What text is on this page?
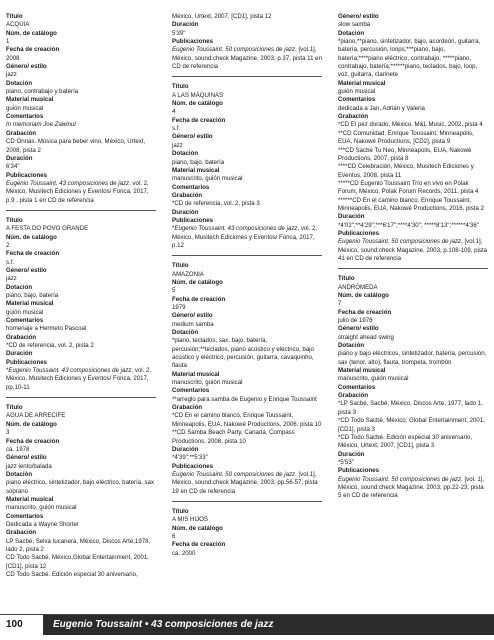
Título

ACQUIA

Núm. de catálogo

1

Fecha de creación

2008

Género/ estilo

jazz

Dotación

piano, contrabajo y batería

Material musical

guión musical

Comentarios

In memoriam Joe Zawinul

Grabación

CD Ónnas. Música para beber vino, México, Urtext, 2008, pista 2

Duración

6'34"

Publicaciones

Eugenio Toussaint. 43 composiciones de jazz, vol. 2, México, Musitech Ediciones y Eventos/ Fonca, 2017, p.9 , pista 1 en CD de referencia

Título

A FESTA DO POVO GRANDE

Núm. de catálogo

2

Fecha de creación

s.f.

Género/ estilo

jazz

Dotación

piano, bajo, batería

Material musical

guión musical

Comentarios

homenaje a Hermeto Pascoal

Grabación

*CD de referencia, vol. 2, pista 2

Duración

Publicaciones

*Eugenio Toussaint. 43 composiciones de jazz, vol. 2, México, Musitech Ediciones y Eventos/ Fonca, 2017, pp.10-11

Título

AGUA DE ARRECIFE

Núm. de catálogo

3

Fecha de creación

ca. 1978

Género/ estilo

jazz lento/balada

Dotación

piano eléctrico, sintetizador, bajo eléctrico, batería, sax soprano

Material musical

manuscrito, guión musical

Comentarios

Dedicada a Wayne Shorter

Grabación

LP Sacbé, Selva tucanera, México, Discos Arte,1978, lado 2, pista 2
CD Todo Sacbé, México,Global Entertainment, 2001, [CD1], pista 12
CD Todo Sacbé. Edición especial 30 aniversario,

México, Urtext, 2007, [CD1], pista 12

Duración

5'39"

Publicaciones

Eugenio Toussaint. 50 composiciones de jazz, [vol.1], México, sound:check Magazine, 2003, p.37, pista 11 en CD de referencia

Título

A LAS MÁQUINAS

Núm. de catálogo

4

Fecha de creación

s.f.

Género/ estilo

jazz

Dotación

piano, bajo, batería

Material musical

manuscrito, guión musical

Comentarios

Grabación

*CD de referencia, vol. 2, pista 3

Duración

Publicaciones

*Eugenio Toussaint. 43 composiciones de jazz, vol. 2, México, Musitech Ediciones y Eventos/ Fonca, 2017, p.12

Título

AMAZONIA

Núm. de catálogo

5

Fecha de creación

1979

Género/ estilo

medium samba

Dotación

*piano, teclados, sax, bajo, batería, percusión;**teclados, piano acústico y eléctrico, bajo acústico y eléctrico, percusión, guitarra, cavaquinho, flauta

Material musical

manuscrito, guión musical

Comentarios

**arreglo para samba de Eugenio y Enrique Toussaint

Grabación

*CD En el camino blanco, Enrique Toussaint, Minneapolis, EUA, Nakowé Productions, 2006, pista 10
**CD Samba Beach Party, Canadá, Compass Productions, 2008, pista 10

Duración

*4'39";**5'33"

Publicaciones

Eugenio Toussaint. 50 composiciones de jazz, [vol.1], México, sound:check Magazine, 2003, pp.56-57, pista 19 en CD de referencia

Título

A MIS HIJOS

Núm. de catálogo

6

Fecha de creación

ca. 2000

Género/ estilo

slow samba

Dotación

*piano,**piano, sintetizador, bajo, acordeón, guitarra, batería, percusión, loops;***piano, bajo, batería;****piano eléctrico, contrabajo; *****piano, contrabajo, batería;******piano, teclados, bajo, loop, voz, guitarra, clarinete

Material musical

guión musical

Comentarios

dedicada a Jan, Adrián y Valeria

Grabación

*CD El pez dorado, México, M&L Music, 2002, pista 4
**CD Comunidad. Enrique Toussaint, Minneapolis, EUA, Nakowé Productions, [CD2], pista 9
***CD Sacbé Tu Neo, Minneapolis, EUA, Nakowé Productions, 2007, pista 8
****CD Celebración, México, Musitech Ediciones y Eventos, 2008, pista 11
*****CD Eugenio Toussaint Trío en vivo en Polak Forum, México, Polak Forum Records, 2011, pista 4
******CD En el camino blanco. Enrique Toussaint, Minneapolis, EUA, Nakowé Productions, 2016, pista 2

Duración

*4'02";**4'29";***6'17";****4'30"; *****8'13";******4'36"

Publicaciones

Eugenio Toussaint. 50 composiciones de jazz, [vol.1], México, sound:check Magazine, 2003, p.108-109, pista 41 en CD de referencia

Título

ANDRÓMEDA

Núm. de catálogo

7

Fecha de creación

julio de 1976

Género/ estilo

straight ahead swing

Dotación

piano y bajo eléctricos, sintetizador, batería, percusión, sax (tenor, alto), flauta, trompeta, trombón

Material musical

manuscrito, guión musical

Comentarios

Grabación

*LP Sacbé, Sacbé, México, Discos Arte, 1977, lado 1, pista 3
*CD Todo Sacbé, México, Global Entertainment, 2001, [CD1], pista 3
*CD Todo Sacbé. Edición especial 30 aniversario, México, Urtext, 2007, [CD1], pista 3

Duración

*5'53"

Publicaciones

Eugenio Toussaint. 50 composiciones de jazz, [vol. 1], México, sound:check Magazine, 2003, pp.22-23, pista 5 en CD de referencia

100	Eugenio Toussaint • 43 composiciones de jazz
